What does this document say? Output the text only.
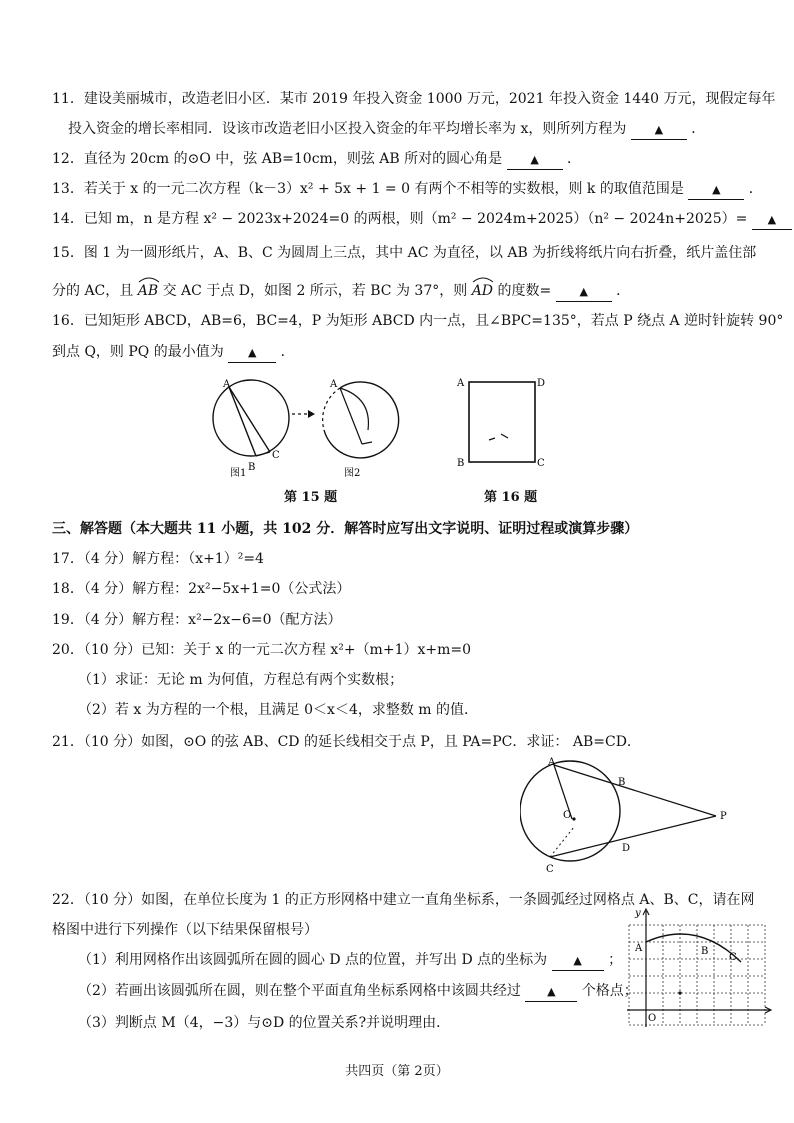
11．建设美丽城市，改造老旧小区．某市 2019 年投入资金 1000 万元，2021 年投入资金 1440 万元，现假定每年
投入资金的增长率相同．设该市改造老旧小区投入资金的年平均增长率为 x，则所列方程为	▲ ．
12．直径为 20cm 的⊙O 中，弦 AB=10cm，则弦 AB 所对的圆心角是	▲ ．
13．若关于 x 的一元二次方程（k－3）x² + 5x + 1 = 0 有两个不相等的实数根，则 k 的取值范围是	▲ ．
14．已知 m，n 是方程 x² − 2023x+2024=0 的两根，则（m² − 2024m+2025）（n² − 2024n+2025）= ▲
15．图 1 为一圆形纸片，A、B、C 为圆周上三点，其中 AC 为直径，以 AB 为折线将纸片向右折叠，纸片盖住部
分的 AC，且 AB 交 AC 于点 D，如图 2 所示，若 BC 为 37°，则 AD 的度数=	▲ ．
16．已知矩形 ABCD，AB=6，BC=4，P 为矩形 ABCD 内一点，且∠BPC=135°，若点 P 绕点 A 逆时针旋转 90°
到点 Q，则 PQ 的最小值为 ▲ ．
A
B
C
A
图1	图2
A	D
B	C
第 15 题	第 16 题
三、解答题（本大题共 11 小题，共 102 分．解答时应写出文字说明、证明过程或演算步骤）
17．（4 分）解方程：（x+1）²=4
18．（4 分）解方程：2x²−5x+1=0（公式法）
19．（4 分）解方程：x²−2x−6=0（配方法）
20．（10 分）已知：关于 x 的一元二次方程 x²+（m+1）x+m=0
（1）求证：无论 m 为何值，方程总有两个实数根；
（2）若 x 为方程的一个根，且满足 0＜x＜4，求整数 m 的值．
21．（10 分）如图，⊙O 的弦 AB、CD 的延长线相交于点 P，且 PA=PC．求证： AB=CD．
A
B
O	P
D
C
22．（10 分）如图，在单位长度为 1 的正方形网格中建立一直角坐标系，一条圆弧经过网格点 A、B、C，请在网
格图中进行下列操作（以下结果保留根号）
（1）利用网格作出该圆弧所在圆的圆心 D 点的位置，并写出 D 点的坐标为 ▲ ；
（2）若画出该圆弧所在圆，则在整个平面直角坐标系网格中该圆共经过 ▲ 个格点；
（3）判断点 M（4，−3）与⊙D 的位置关系?并说明理由．
y
A	B
C
O
共四页（第 2页）
